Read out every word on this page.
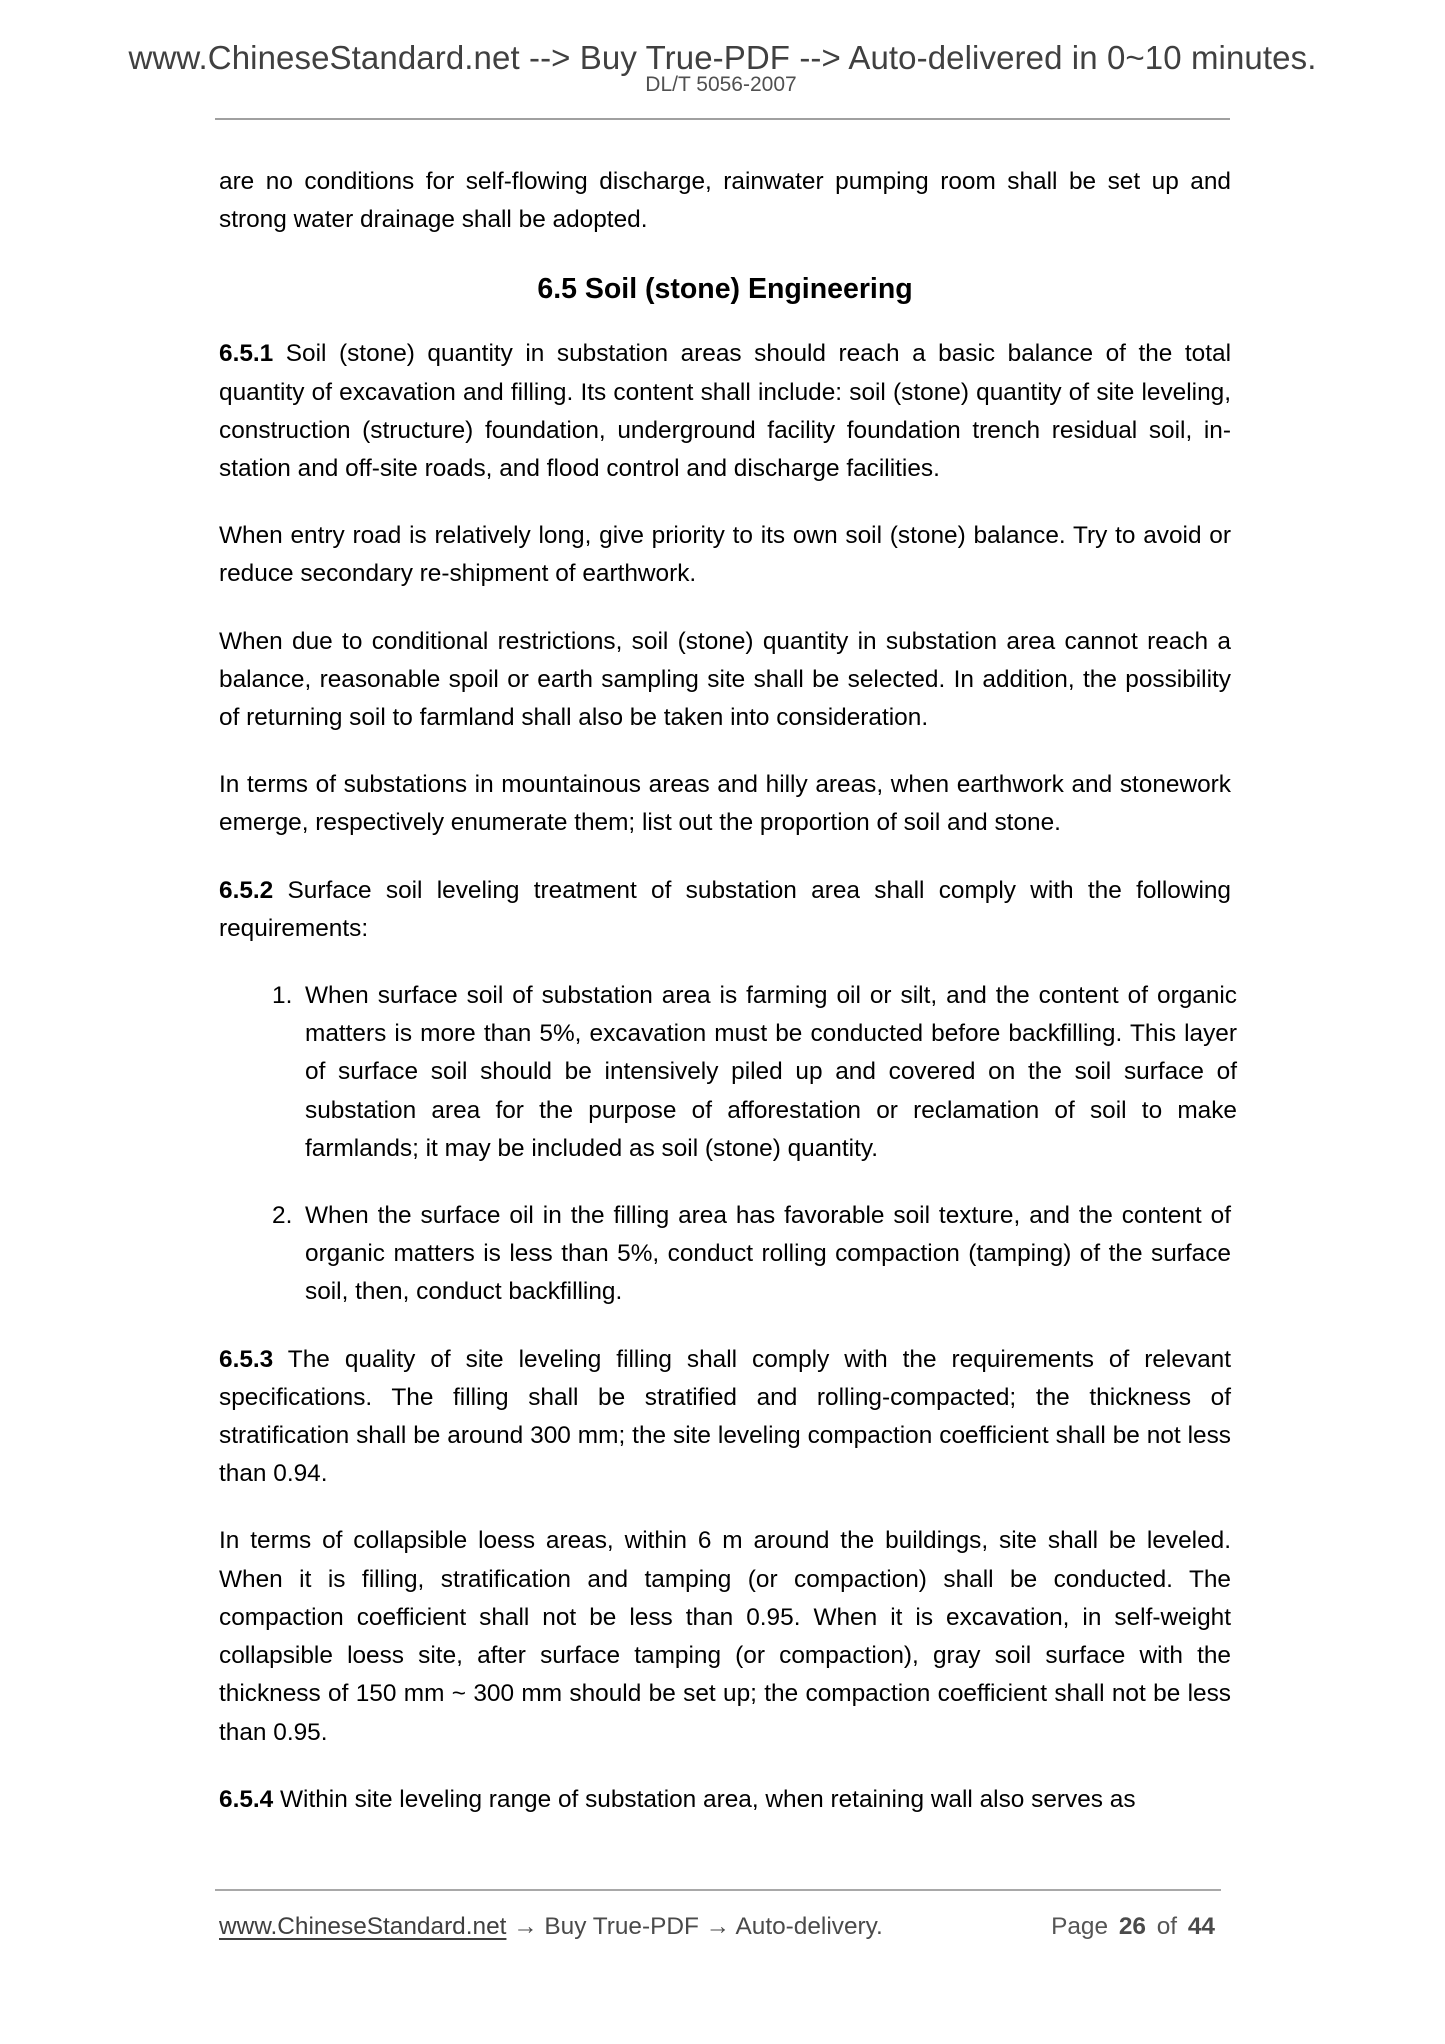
www.ChineseStandard.net --> Buy True-PDF --> Auto-delivered in 0~10 minutes.
DL/T 5056-2007

are no conditions for self-flowing discharge, rainwater pumping room shall be set up and strong water drainage shall be adopted.

6.5 Soil (stone) Engineering

6.5.1 Soil (stone) quantity in substation areas should reach a basic balance of the total quantity of excavation and filling. Its content shall include: soil (stone) quantity of site leveling, construction (structure) foundation, underground facility foundation trench residual soil, in-station and off-site roads, and flood control and discharge facilities.

When entry road is relatively long, give priority to its own soil (stone) balance. Try to avoid or reduce secondary re-shipment of earthwork.

When due to conditional restrictions, soil (stone) quantity in substation area cannot reach a balance, reasonable spoil or earth sampling site shall be selected. In addition, the possibility of returning soil to farmland shall also be taken into consideration.

In terms of substations in mountainous areas and hilly areas, when earthwork and stonework emerge, respectively enumerate them; list out the proportion of soil and stone.

6.5.2 Surface soil leveling treatment of substation area shall comply with the following requirements:

1. When surface soil of substation area is farming oil or silt, and the content of organic matters is more than 5%, excavation must be conducted before backfilling. This layer of surface soil should be intensively piled up and covered on the soil surface of substation area for the purpose of afforestation or reclamation of soil to make farmlands; it may be included as soil (stone) quantity.
2. When the surface oil in the filling area has favorable soil texture, and the content of organic matters is less than 5%, conduct rolling compaction (tamping) of the surface soil, then, conduct backfilling.

6.5.3 The quality of site leveling filling shall comply with the requirements of relevant specifications. The filling shall be stratified and rolling-compacted; the thickness of stratification shall be around 300 mm; the site leveling compaction coefficient shall be not less than 0.94.

In terms of collapsible loess areas, within 6 m around the buildings, site shall be leveled. When it is filling, stratification and tamping (or compaction) shall be conducted. The compaction coefficient shall not be less than 0.95. When it is excavation, in self-weight collapsible loess site, after surface tamping (or compaction), gray soil surface with the thickness of 150 mm ~ 300 mm should be set up; the compaction coefficient shall not be less than 0.95.

6.5.4 Within site leveling range of substation area, when retaining wall also serves as

www.ChineseStandard.net → Buy True-PDF → Auto-delivery.	Page 26 of 44
